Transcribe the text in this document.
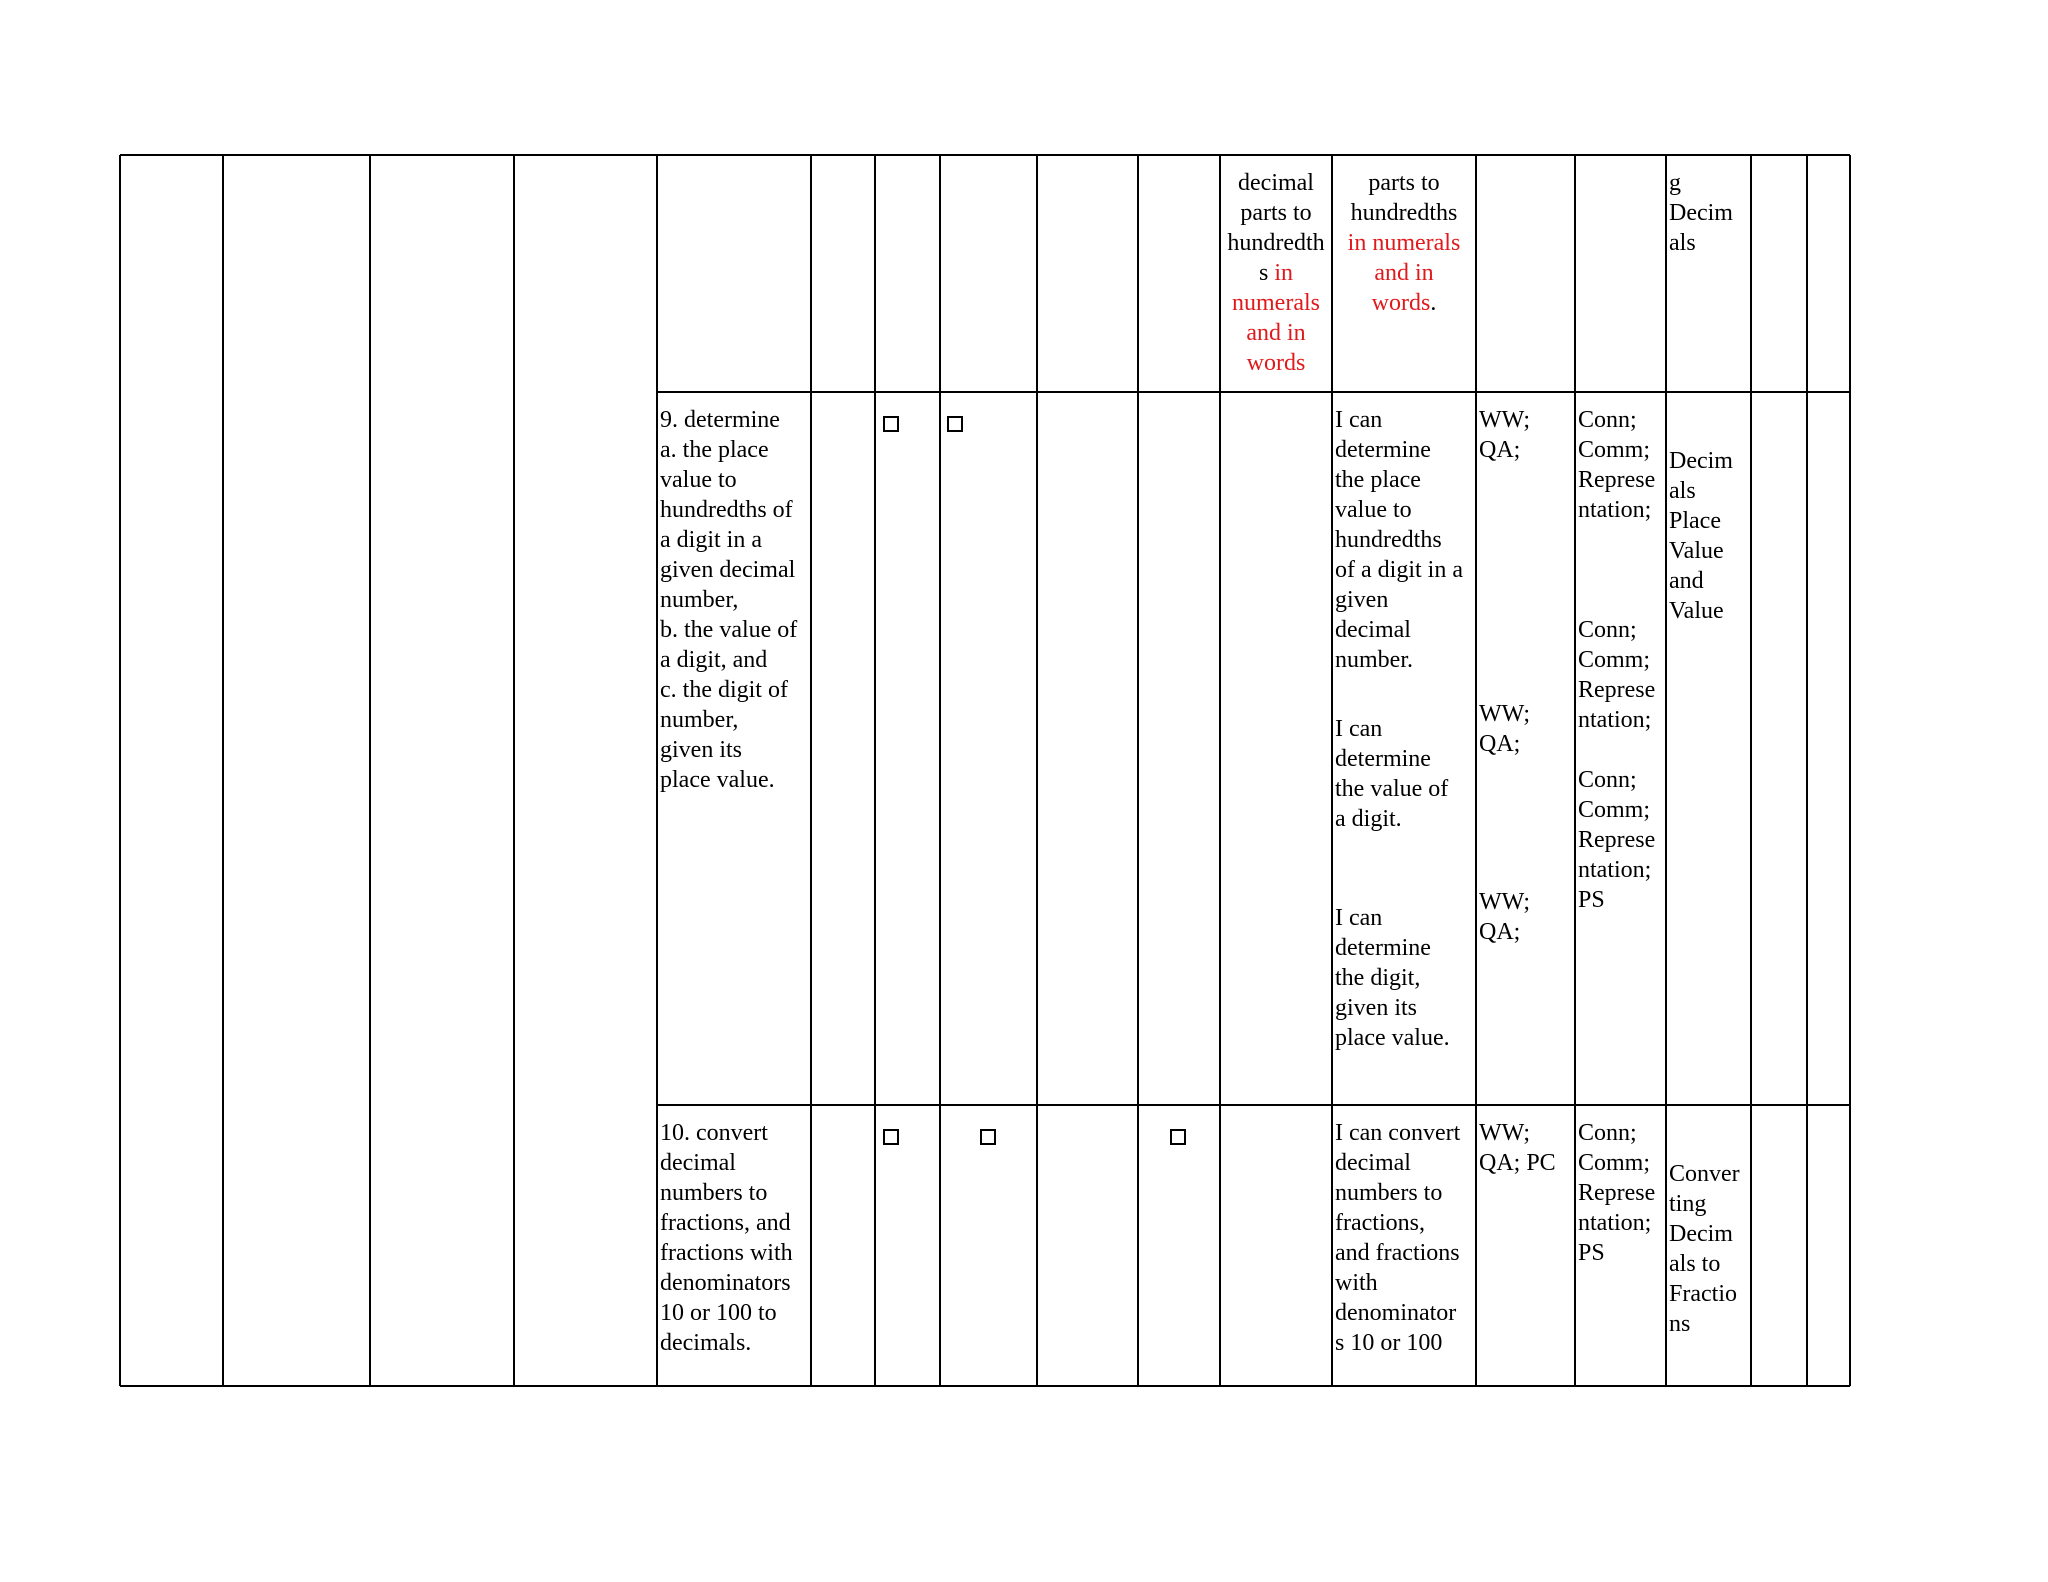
decimal
parts to
hundredth
s in
numerals
and in
words
parts to
hundredths
in numerals
and in
words.
g
Decim
als
9. determine
a. the place
value to
hundredths of
a digit in a
given decimal
number,
b. the value of
a digit, and
c. the digit of
number,
given its
place value.
I can
determine
the place
value to
hundredths
of a digit in a
given
decimal
number.
I can
determine
the value of
a digit.
I can
determine
the digit,
given its
place value.
WW;
QA;
WW;
QA;
WW;
QA;
Conn;
Comm;
Represe
ntation;
Conn;
Comm;
Represe
ntation;
Conn;
Comm;
Represe
ntation;
PS
Decim
als
Place
Value
and
Value
10. convert
decimal
numbers to
fractions, and
fractions with
denominators
10 or 100 to
decimals.
I can convert
decimal
numbers to
fractions,
and fractions
with
denominator
s 10 or 100
WW;
QA; PC
Conn;
Comm;
Represe
ntation;
PS
Conver
ting
Decim
als to
Fractio
ns
